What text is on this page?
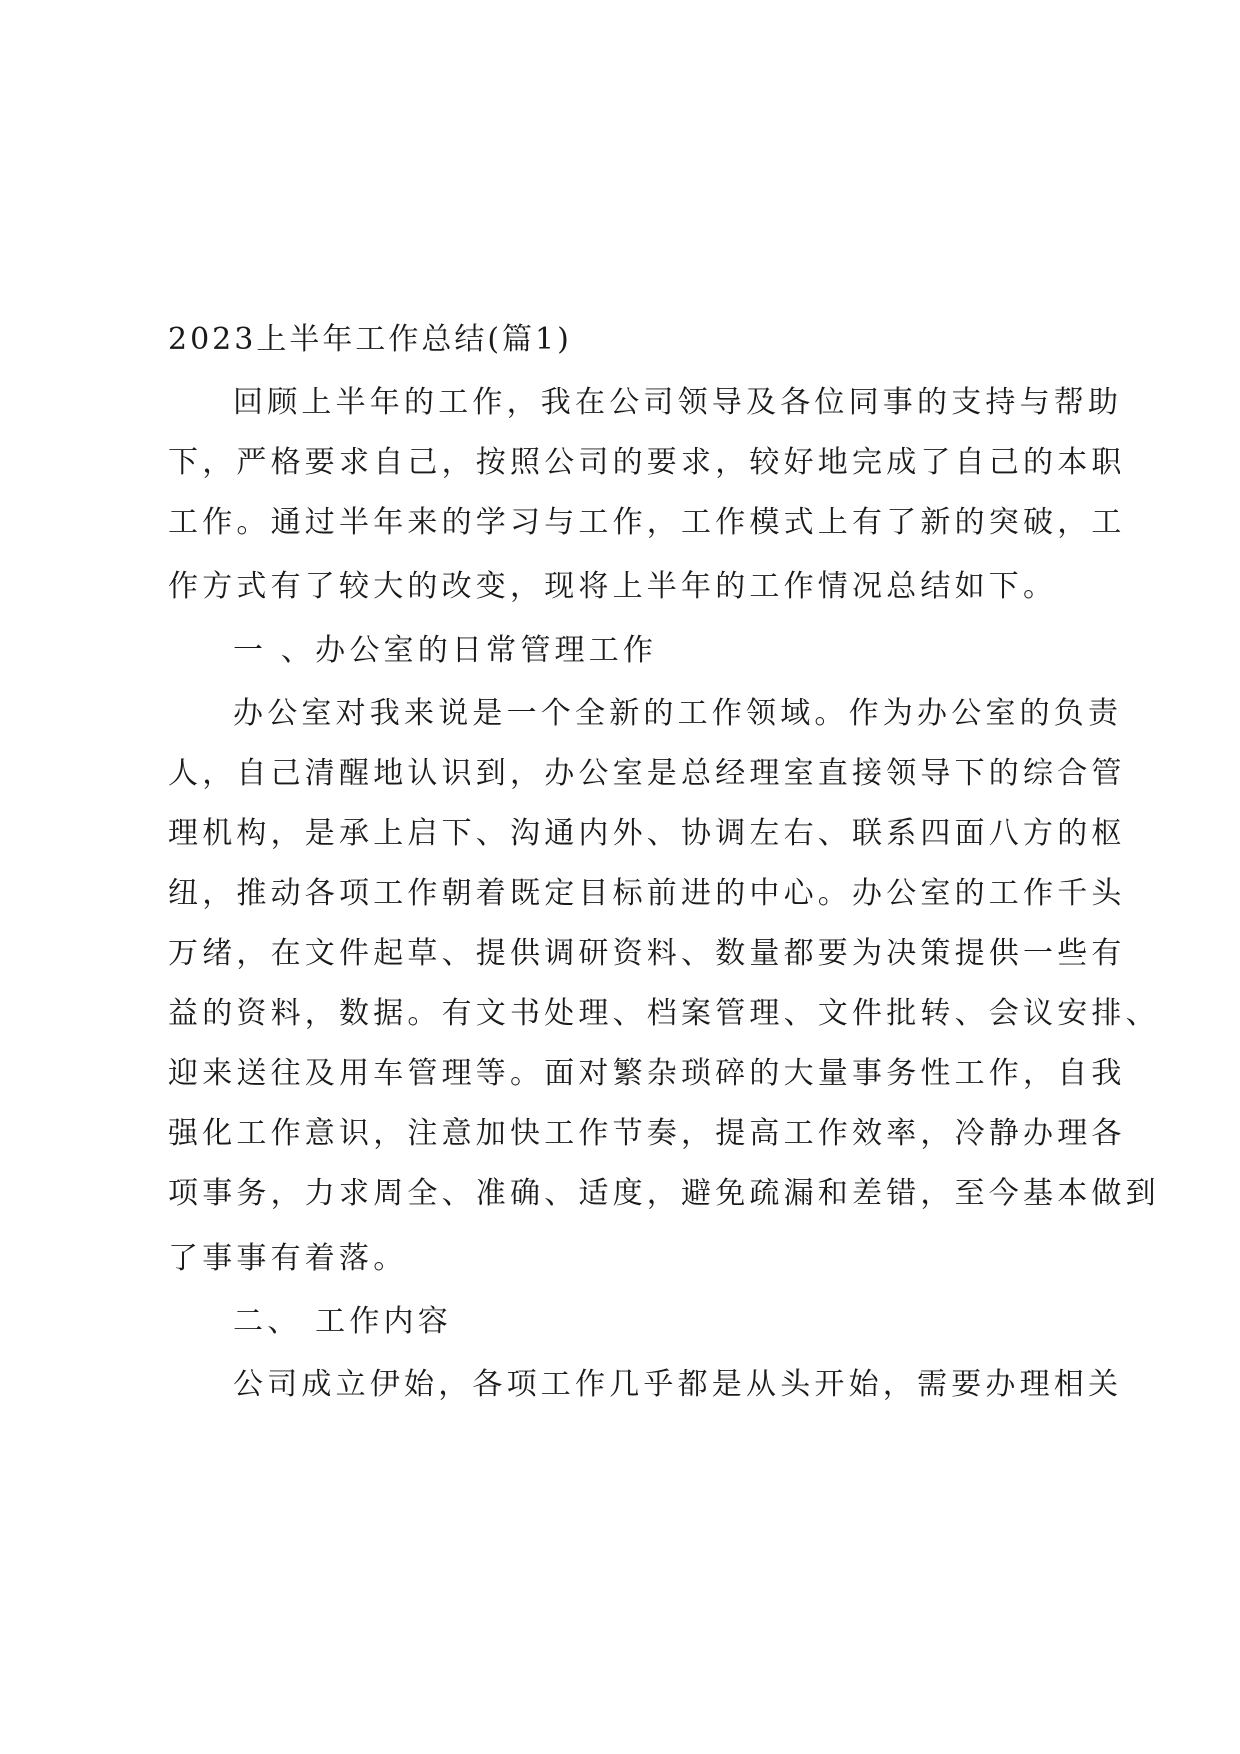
2023上半年工作总结(篇1)
回顾上半年的工作，我在公司领导及各位同事的支持与帮助
下，严格要求自己，按照公司的要求，较好地完成了自己的本职
工作。通过半年来的学习与工作，工作模式上有了新的突破，工
作方式有了较大的改变，现将上半年的工作情况总结如下。
一 、办公室的日常管理工作
办公室对我来说是一个全新的工作领域。作为办公室的负责
人，自己清醒地认识到，办公室是总经理室直接领导下的综合管
理机构，是承上启下、沟通内外、协调左右、联系四面八方的枢
纽，推动各项工作朝着既定目标前进的中心。办公室的工作千头
万绪，在文件起草、提供调研资料、数量都要为决策提供一些有
益的资料，数据。有文书处理、档案管理、文件批转、会议安排、
迎来送往及用车管理等。面对繁杂琐碎的大量事务性工作，自我
强化工作意识，注意加快工作节奏，提高工作效率，冷静办理各
项事务，力求周全、准确、适度，避免疏漏和差错，至今基本做到
了事事有着落。
二、 工作内容
公司成立伊始，各项工作几乎都是从头开始，需要办理相关
